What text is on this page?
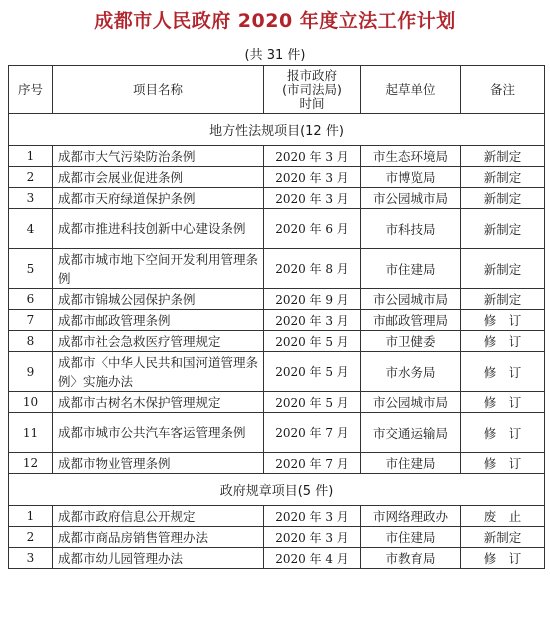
成都市人民政府 2020 年度立法工作计划
(共 31 件)
序号	项目名称	报市政府
(市司法局)
时间	起草单位	备注
地方性法规项目(12 件)				
1	成都市大气污染防治条例	2020 年 3 月	市生态环境局	新制定
2	成都市会展业促进条例	2020 年 3 月	市博览局	新制定
3	成都市天府绿道保护条例	2020 年 3 月	市公园城市局	新制定
4	成都市推进科技创新中心建设条例	2020 年 6 月	市科技局	新制定
5	成都市城市地下空间开发利用管理条例	2020 年 8 月	市住建局	新制定
6	成都市锦城公园保护条例	2020 年 9 月	市公园城市局	新制定
7	成都市邮政管理条例	2020 年 3 月	市邮政管理局	修　订
8	成都市社会急救医疗管理规定	2020 年 5 月	市卫健委	修　订
9	成都市〈中华人民共和国河道管理条例〉实施办法	2020 年 5 月	市水务局	修　订
10	成都市古树名木保护管理规定	2020 年 5 月	市公园城市局	修　订
11	成都市城市公共汽车客运管理条例	2020 年 7 月	市交通运输局	修　订
12	成都市物业管理条例	2020 年 7 月	市住建局	修　订
政府规章项目(5 件)				
1	成都市政府信息公开规定	2020 年 3 月	市网络理政办	废　止
2	成都市商品房销售管理办法	2020 年 3 月	市住建局	新制定
3	成都市幼儿园管理办法	2020 年 4 月	市教育局	修　订
